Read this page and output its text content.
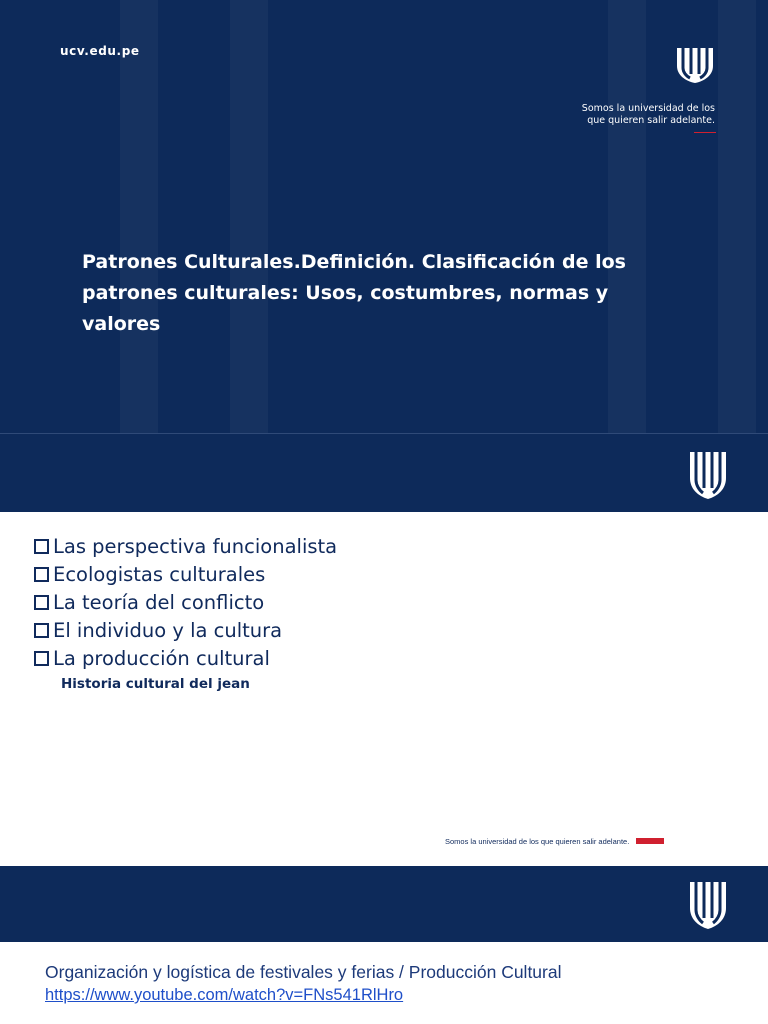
ucv.edu.pe
Somos la universidad de los
que quieren salir adelante.
Patrones Culturales.Definición. Clasificación de los patrones culturales: Usos, costumbres, normas y valores
Las perspectiva funcionalista
Ecologistas culturales
La teoría del conflicto
El individuo y la cultura
La producción cultural
Historia cultural del jean
Somos la universidad de los que quieren salir adelante.
Organización y logística de festivales y ferias / Producción Cultural
https://www.youtube.com/watch?v=FNs541RlHro
